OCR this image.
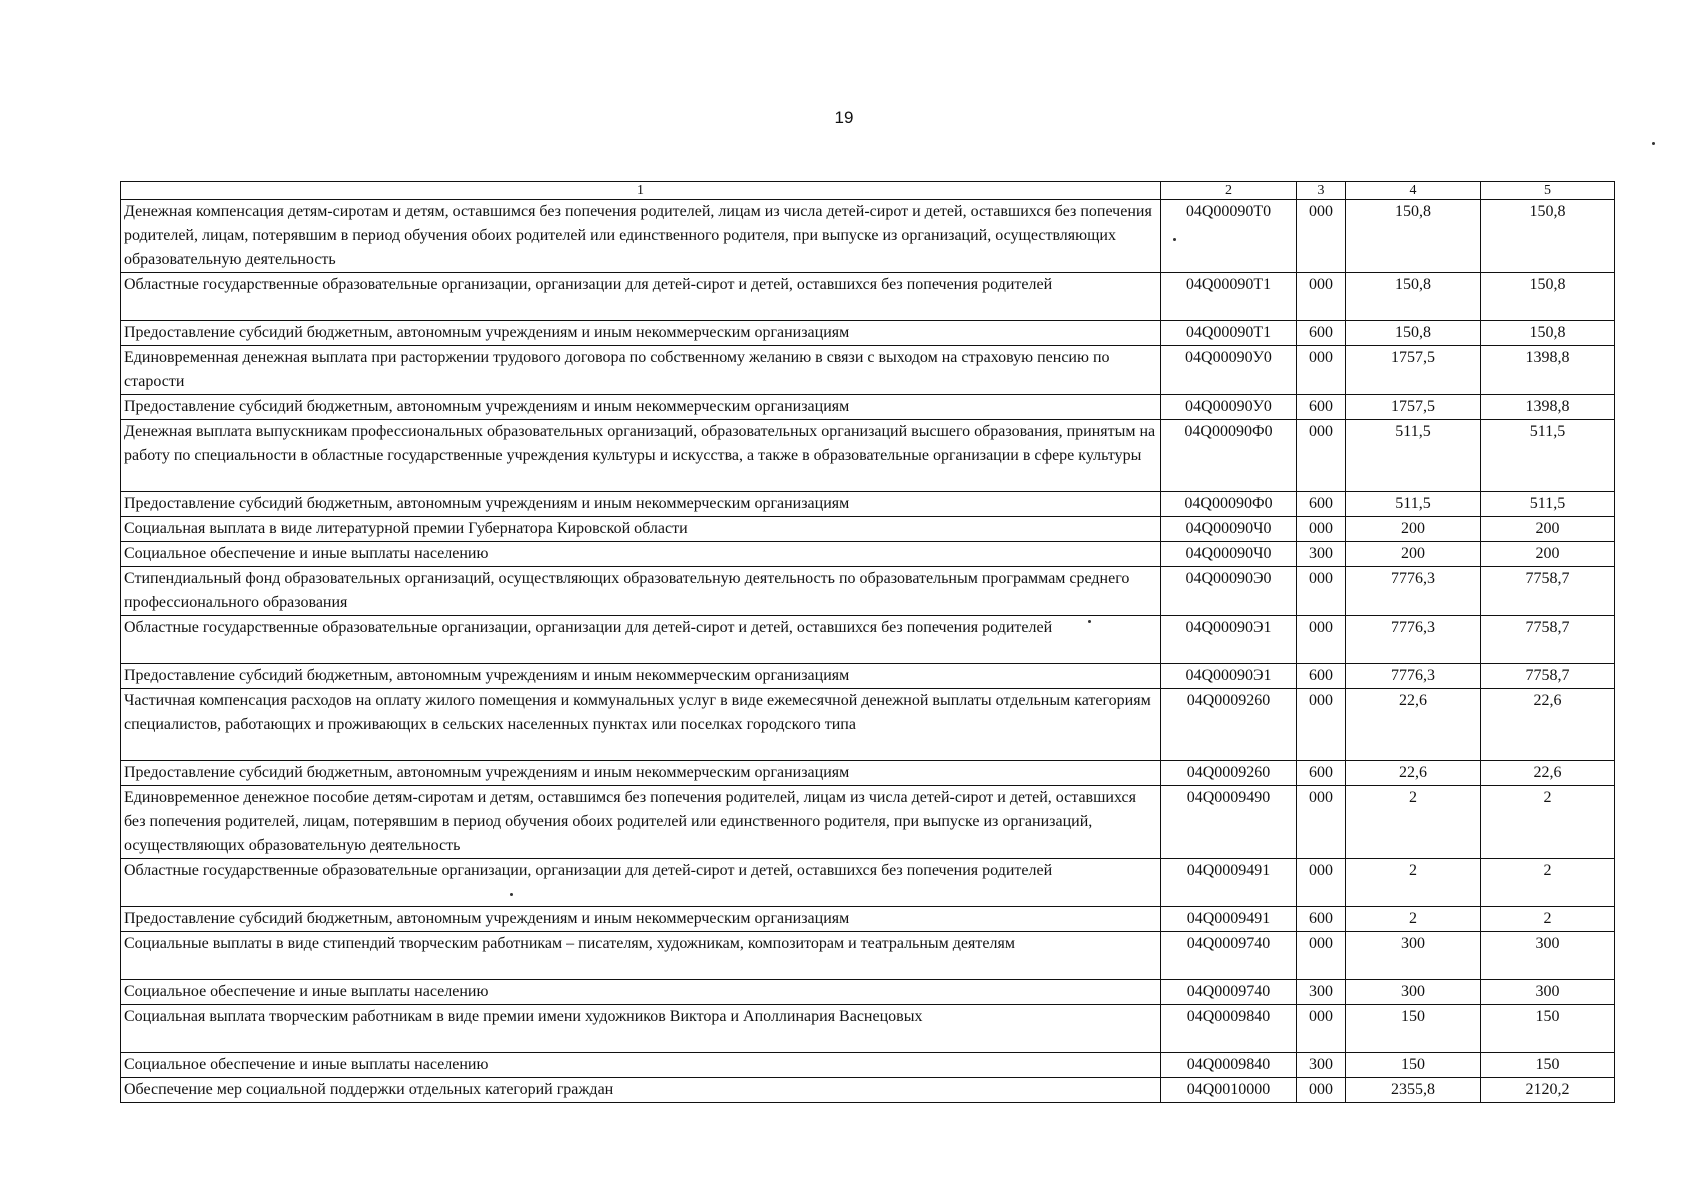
19
1	2	3	4	5
Денежная компенсация детям-сиротам и детям, оставшимся без попечения родителей, лицам из числа детей-сирот и детей, оставшихся без попечения родителей, лицам, потерявшим в период обучения обоих родителей или единственного родителя, при выпуске из организаций, осуществляющих образовательную деятельность	04Q00090Т0	000	150,8	150,8
Областные государственные образовательные организации, организации для детей-сирот и детей, оставшихся без попечения родителей	04Q00090Т1	000	150,8	150,8
Предоставление субсидий бюджетным, автономным учреждениям и иным некоммерческим организациям	04Q00090Т1	600	150,8	150,8
Единовременная денежная выплата при расторжении трудового договора по собственному желанию в связи с выходом на страховую пенсию по старости	04Q00090У0	000	1757,5	1398,8
Предоставление субсидий бюджетным, автономным учреждениям и иным некоммерческим организациям	04Q00090У0	600	1757,5	1398,8
Денежная выплата выпускникам профессиональных образовательных организаций, образовательных организаций высшего образования, принятым на работу по специальности в областные государственные учреждения культуры и искусства, а также в образовательные организации в сфере культуры	04Q00090Ф0	000	511,5	511,5
Предоставление субсидий бюджетным, автономным учреждениям и иным некоммерческим организациям	04Q00090Ф0	600	511,5	511,5
Социальная выплата в виде литературной премии Губернатора Кировской области	04Q00090Ч0	000	200	200
Социальное обеспечение и иные выплаты населению	04Q00090Ч0	300	200	200
Стипендиальный фонд образовательных организаций, осуществляющих образовательную деятельность по образовательным программам среднего профессионального образования	04Q00090Э0	000	7776,3	7758,7
Областные государственные образовательные организации, организации для детей-сирот и детей, оставшихся без попечения родителей	04Q00090Э1	000	7776,3	7758,7
Предоставление субсидий бюджетным, автономным учреждениям и иным некоммерческим организациям	04Q00090Э1	600	7776,3	7758,7
Частичная компенсация расходов на оплату жилого помещения и коммунальных услуг в виде ежемесячной денежной выплаты отдельным категориям специалистов, работающих и проживающих в сельских населенных пунктах или поселках городского типа	04Q0009260	000	22,6	22,6
Предоставление субсидий бюджетным, автономным учреждениям и иным некоммерческим организациям	04Q0009260	600	22,6	22,6
Единовременное денежное пособие детям-сиротам и детям, оставшимся без попечения родителей, лицам из числа детей-сирот и детей, оставшихся без попечения родителей, лицам, потерявшим в период обучения обоих родителей или единственного родителя, при выпуске из организаций, осуществляющих образовательную деятельность	04Q0009490	000	2	2
Областные государственные образовательные организации, организации для детей-сирот и детей, оставшихся без попечения родителей	04Q0009491	000	2	2
Предоставление субсидий бюджетным, автономным учреждениям и иным некоммерческим организациям	04Q0009491	600	2	2
Социальные выплаты в виде стипендий творческим работникам – писателям, художникам, композиторам и театральным деятелям	04Q0009740	000	300	300
Социальное обеспечение и иные выплаты населению	04Q0009740	300	300	300
Социальная выплата творческим работникам в виде премии имени художников Виктора и Аполлинария Васнецовых	04Q0009840	000	150	150
Социальное обеспечение и иные выплаты населению	04Q0009840	300	150	150
Обеспечение мер социальной поддержки отдельных категорий граждан	04Q0010000	000	2355,8	2120,2
